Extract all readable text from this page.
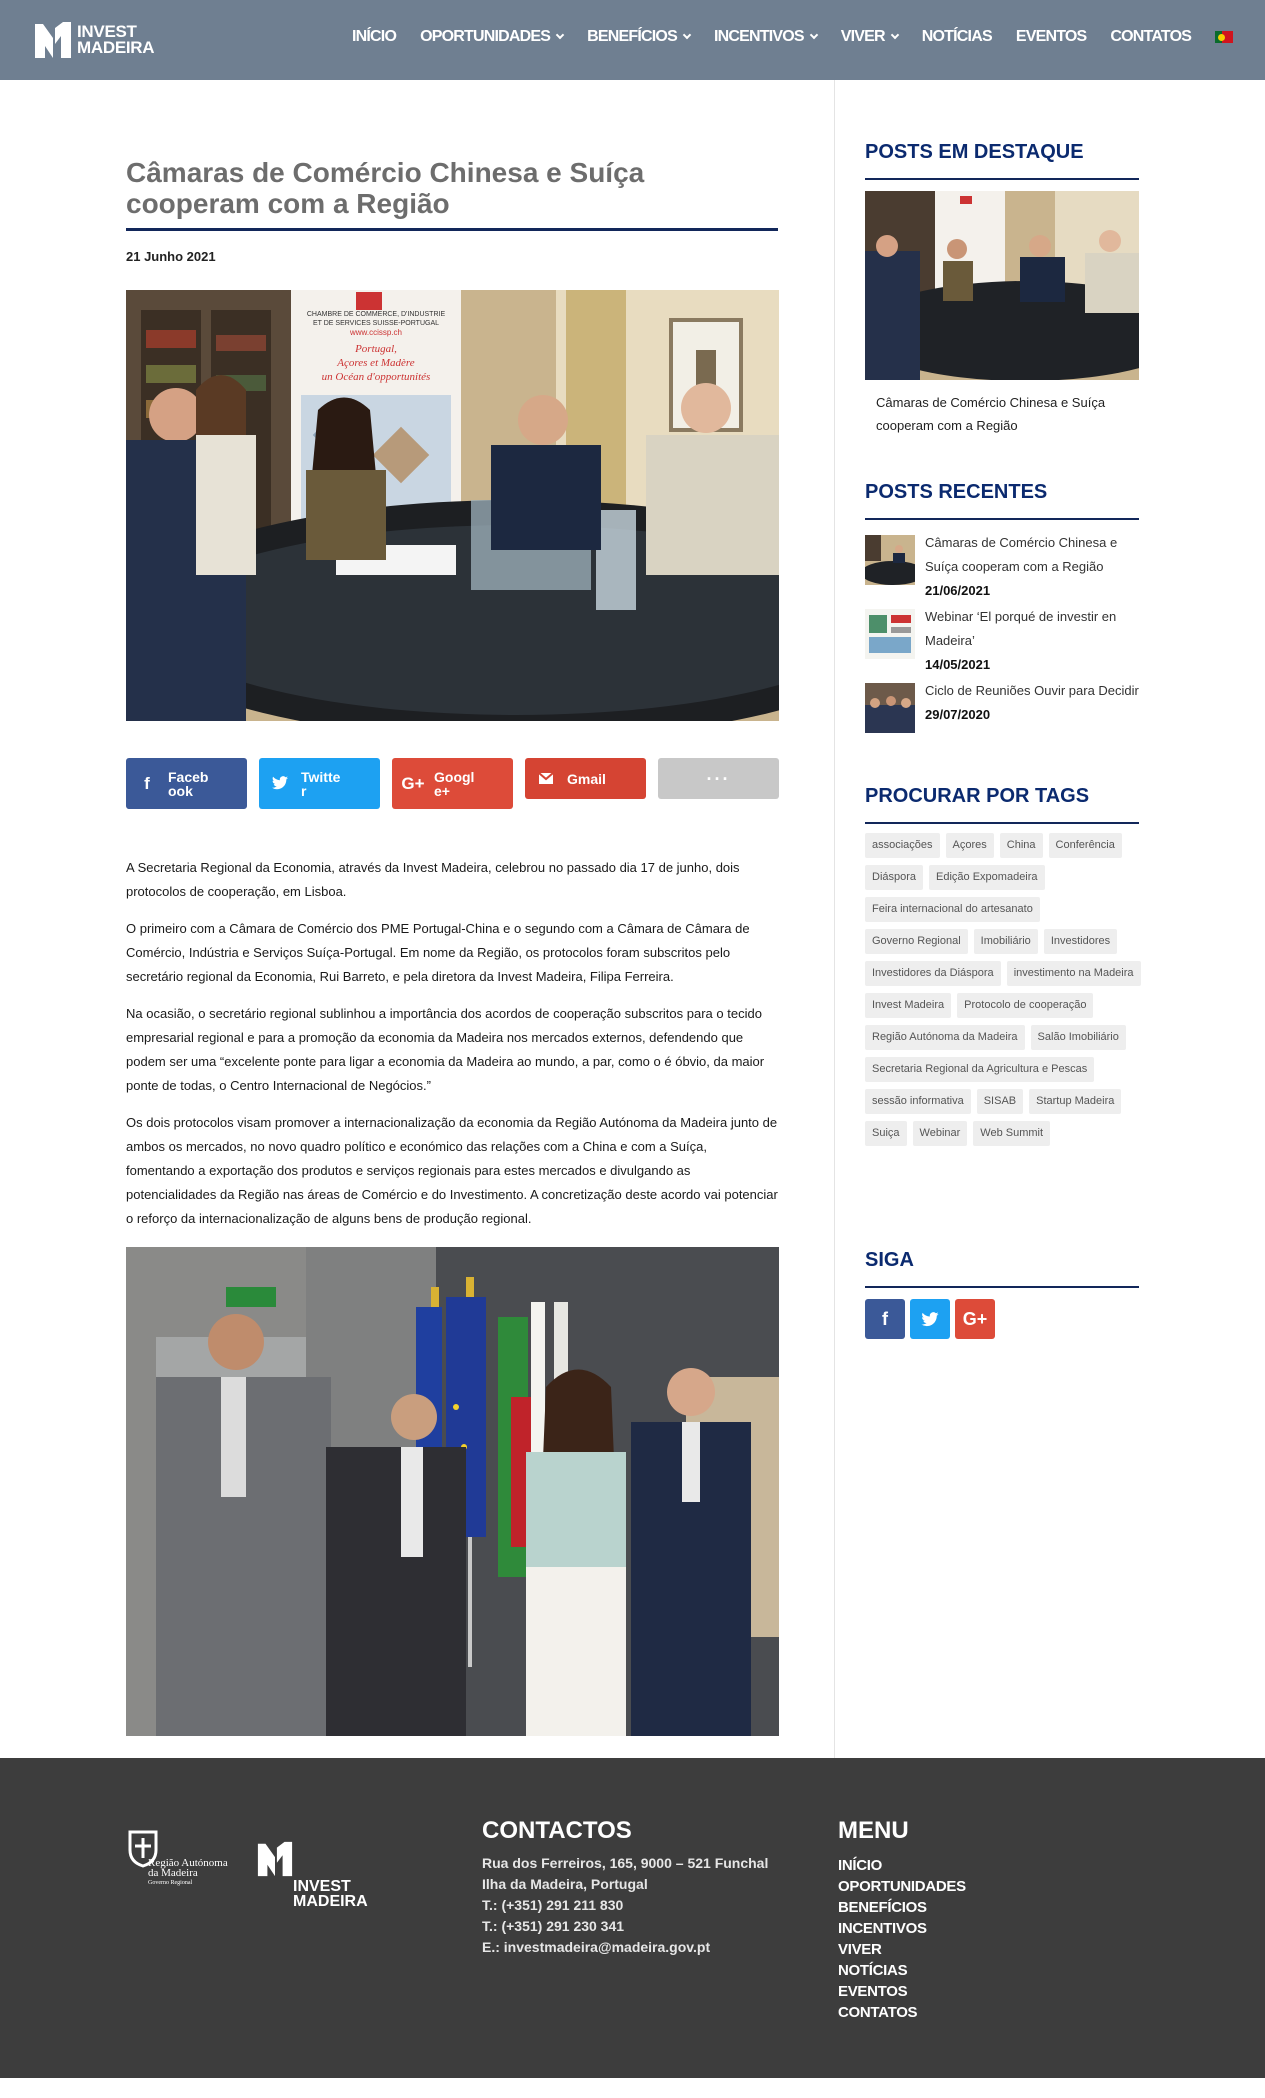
INVEST
MADEIRA
INÍCIO OPORTUNIDADES BENEFÍCIOS INCENTIVOS VIVER NOTÍCIAS EVENTOS CONTATOS
Câmaras de Comércio Chinesa e Suíça cooperam com a Região
21 Junho 2021
CHAMBRE DE COMMERCE, D'INDUSTRIE
ET DE SERVICES SUISSE-PORTUGAL
www.ccissp.ch
Portugal,
Açores et Madère
un Océan d'opportunités
f	Faceb ook
Twitte r	G+ Googl e+
Gmail	···

A Secretaria Regional da Economia, através da Invest Madeira, celebrou no passado dia 17 de junho, dois protocolos de cooperação, em Lisboa.

O primeiro com a Câmara de Comércio dos PME Portugal-China e o segundo com a Câmara de Câmara de Comércio, Indústria e Serviços Suíça-Portugal. Em nome da Região, os protocolos foram subscritos pelo secretário regional da Economia, Rui Barreto, e pela diretora da Invest Madeira, Filipa Ferreira.

Na ocasião, o secretário regional sublinhou a importância dos acordos de cooperação subscritos para o tecido empresarial regional e para a promoção da economia da Madeira nos mercados externos, defendendo que podem ser uma “excelente ponte para ligar a economia da Madeira ao mundo, a par, como o é óbvio, da maior ponte de todas, o Centro Internacional de Negócios.”

Os dois protocolos visam promover a internacionalização da economia da Região Autónoma da Madeira junto de ambos os mercados, no novo quadro político e económico das relações com a China e com a Suíça, fomentando a exportação dos produtos e serviços regionais para estes mercados e divulgando as potencialidades da Região nas áreas de Comércio e do Investimento. A concretização deste acordo vai potenciar o reforço da internacionalização de alguns bens de produção regional.

POSTS EM DESTAQUE
Câmaras de Comércio Chinesa e Suíça cooperam com a Região
POSTS RECENTES
Câmaras de Comércio Chinesa e Suíça cooperam com a Região
21/06/2021
Webinar ‘El porqué de investir en Madeira’
14/05/2021
Ciclo de Reuniões Ouvir para Decidir
29/07/2020
PROCURAR POR TAGS
associações	Açores	China	Conferência
Diáspora	Edição Expomadeira
Feira internacional do artesanato
Governo Regional	Imobiliário	Investidores
Investidores da Diáspora	investimento na Madeira
Invest Madeira	Protocolo de cooperação
Região Autónoma da Madeira	Salão Imobiliário
Secretaria Regional da Agricultura e Pescas
sessão informativa	SISAB	Startup Madeira
Suiça	Webinar	Web Summit
SIGA
f	G+
Região Autónoma
da Madeira
Governo Regional	INVEST
MADEIRA
CONTACTOS
Rua dos Ferreiros, 165, 9000 – 521 Funchal
Ilha da Madeira, Portugal
T.: (+351) 291 211 830
T.: (+351) 291 230 341
E.: investmadeira@madeira.gov.pt
MENU
INÍCIO
OPORTUNIDADES
BENEFÍCIOS
INCENTIVOS
VIVER
NOTÍCIAS
EVENTOS
CONTATOS
